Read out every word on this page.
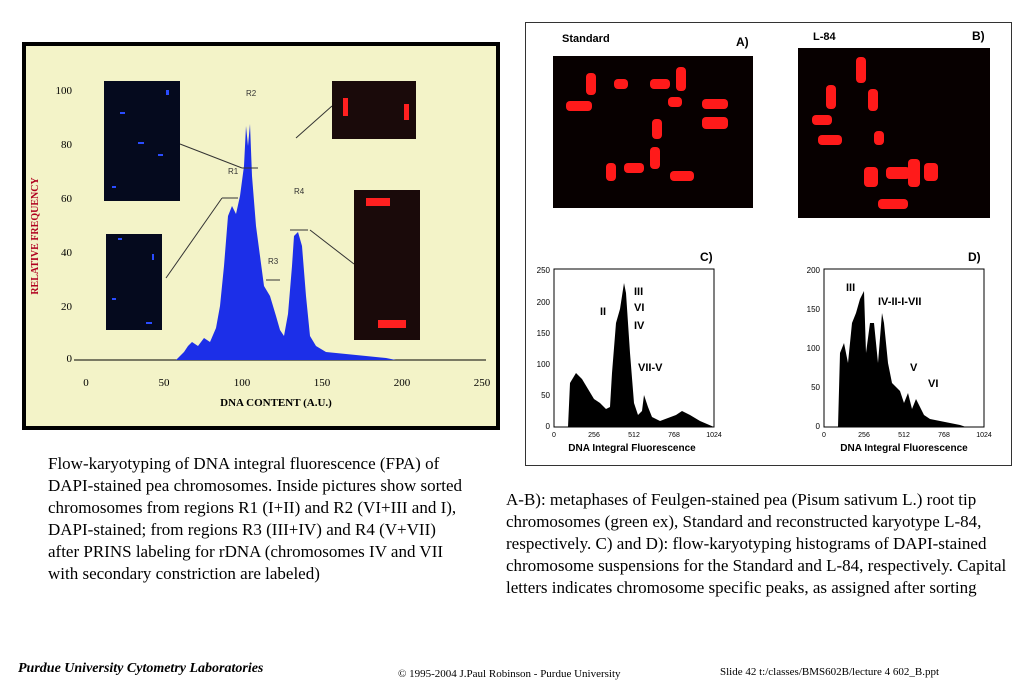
RELATIVE FREQUENCY
100
80
60
40
20
0
0	50	100	150	200	250
DNA CONTENT (A.U.)
R1
R2
R3
R4
Standard	A)	L-84	B)
C)
250
200
150
100
50
0
0	256	512	768	1024
DNA Integral Fluorescence
II
III
VI
IV
VII-V
D)
200
150
100
50
0
0	256	512	768	1024
DNA Integral Fluorescence
III
IV-II-I-VII
V
VI
Flow-karyotyping of DNA integral fluorescence (FPA) of DAPI-stained pea chromosomes. Inside pictures show sorted chromosomes from regions R1 (I+II) and R2 (VI+III and I), DAPI-stained; from regions R3 (III+IV) and R4 (V+VII) after PRINS labeling for rDNA (chromosomes IV and VII with secondary constriction are labeled)
A-B): metaphases of Feulgen-stained pea (Pisum sativum L.) root tip chromosomes (green ex), Standard and reconstructed karyotype L-84, respectively. C) and D): flow-karyotyping histograms of DAPI-stained chromosome suspensions for the Standard and L-84, respectively. Capital letters indicates chromosome specific peaks, as assigned after sorting
Purdue University Cytometry Laboratories	© 1995-2004 J.Paul Robinson - Purdue University	Slide 42 t:/classes/BMS602B/lecture 4 602_B.ppt
